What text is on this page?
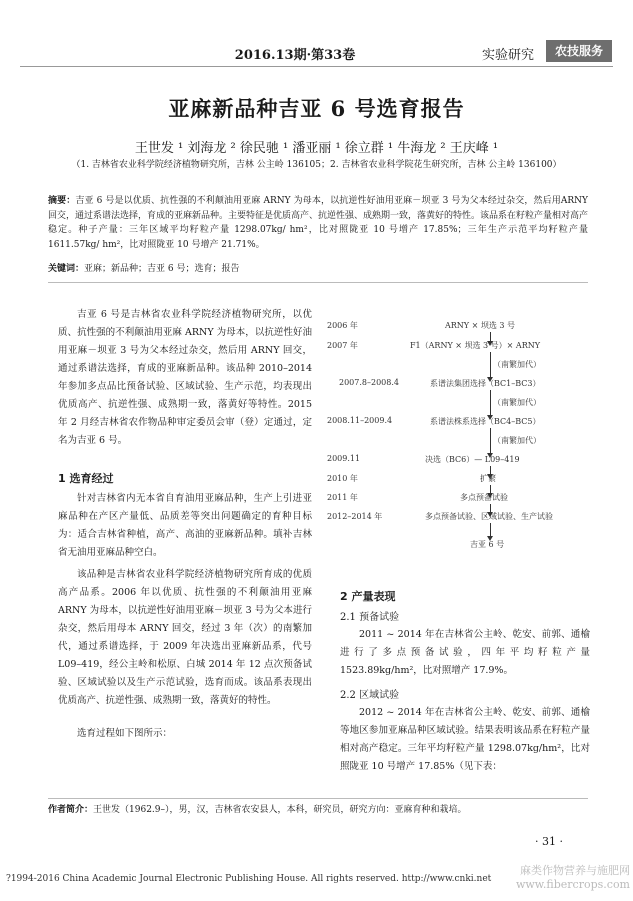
2016.13期·第33卷	实验研究	农技服务
亚麻新品种吉亚 6 号选育报告
王世发 ¹ 刘海龙 ² 徐民驰 ¹ 潘亚丽 ¹ 徐立群 ¹ 牛海龙 ² 王庆峰 ¹
（1. 吉林省农业科学院经济植物研究所，吉林 公主岭 136105；2. 吉林省农业科学院花生研究所，吉林 公主岭 136100）
摘要：吉亚 6 号是以优质、抗性强的不利颠油用亚麻 ARNY 为母本，以抗逆性好油用亚麻－坝亚 3 号为父本经过杂交，然后用ARNY 回交，通过系谱法选择，育成的亚麻新品种。主要特征是优质高产、抗逆性强、成熟期一致，落黄好的特性。该品系在籽粒产量相对高产稳定。种子产量：三年区域平均籽粒产量 1298.07kg/ hm²，比对照陇亚 10 号增产 17.85%；三年生产示范平均籽粒产量 1611.57kg/ hm²，比对照陇亚 10 号增产 21.71%。
关键词：亚麻；新品种；吉亚 6 号；选育；报告
吉亚 6 号是吉林省农业科学院经济植物研究所，以优质、抗性强的不利颠油用亚麻 ARNY 为母本，以抗逆性好油用亚麻－坝亚 3 号为父本经过杂交，然后用 ARNY 回交，通过系谱法选择，育成的亚麻新品种。该品种 2010–2014 年参加多点品比预备试验、区域试验、生产示范，均表现出优质高产、抗逆性强、成熟期一致，落黄好等特性。2015 年 2 月经吉林省农作物品种审定委员会审（登）定通过，定名为吉亚 6 号。
1 选育经过
针对吉林省内无本省自育油用亚麻品种，生产上引进亚麻品种在产区产量低、品质差等突出问题确定的育种目标为：适合吉林省种植，高产、高油的亚麻新品种。填补吉林省无油用亚麻品种空白。
该品种是吉林省农业科学院经济植物研究所育成的优质高产品系。2006 年以优质、抗性强的不利颠油用亚麻 ARNY 为母本，以抗逆性好油用亚麻－坝亚 3 号为父本进行杂交，然后用母本 ARNY 回交，经过 3 年（次）的南繁加代，通过系谱选择，于 2009 年决选出亚麻新品系，代号 L09–419，经公主岭和松原、白城 2014 年 12 点次预备试验、区域试验以及生产示范试验，选育而成。该品系表现出优质高产、抗逆性强、成熟期一致，落黄好的特性。
选育过程如下图所示：
2006 年	ARNY × 坝选 3 号
2007 年	F1（ARNY × 坝选 3 号）× ARNY
（南繁加代）
2007.8–2008.4	系谱法集团选择（BC1–BC3）
（南繁加代）
2008.11–2009.4	系谱法株系选择（BC4–BC5）
（南繁加代）
2009.11	决选（BC6）— L09–419
2010 年	扩繁
2011 年	多点预备试验
2012–2014 年	多点预备试验、区域试验、生产试验
吉亚 6 号
2 产量表现
2.1 预备试验
2011 ~ 2014 年在吉林省公主岭、乾安、前郭、通榆进行了多点预备试验，四年平均籽粒产量 1523.89kg/hm²，比对照增产 17.9%。
2.2 区域试验
2012 ~ 2014 年在吉林省公主岭、乾安、前郭、通榆等地区参加亚麻品种区域试验。结果表明该品系在籽粒产量相对高产稳定。三年平均籽粒产量 1298.07kg/hm²，比对照陇亚 10 号增产 17.85%（见下表：
作者简介：王世发（1962.9–），男，汉，吉林省农安县人，本科，研究员，研究方向：亚麻育种和栽培。
· 31 ·
?1994-2016 China Academic Journal Electronic Publishing House. All rights reserved. http://www.cnki.net
麻类作物营养与施肥网 www.fibercrops.com
